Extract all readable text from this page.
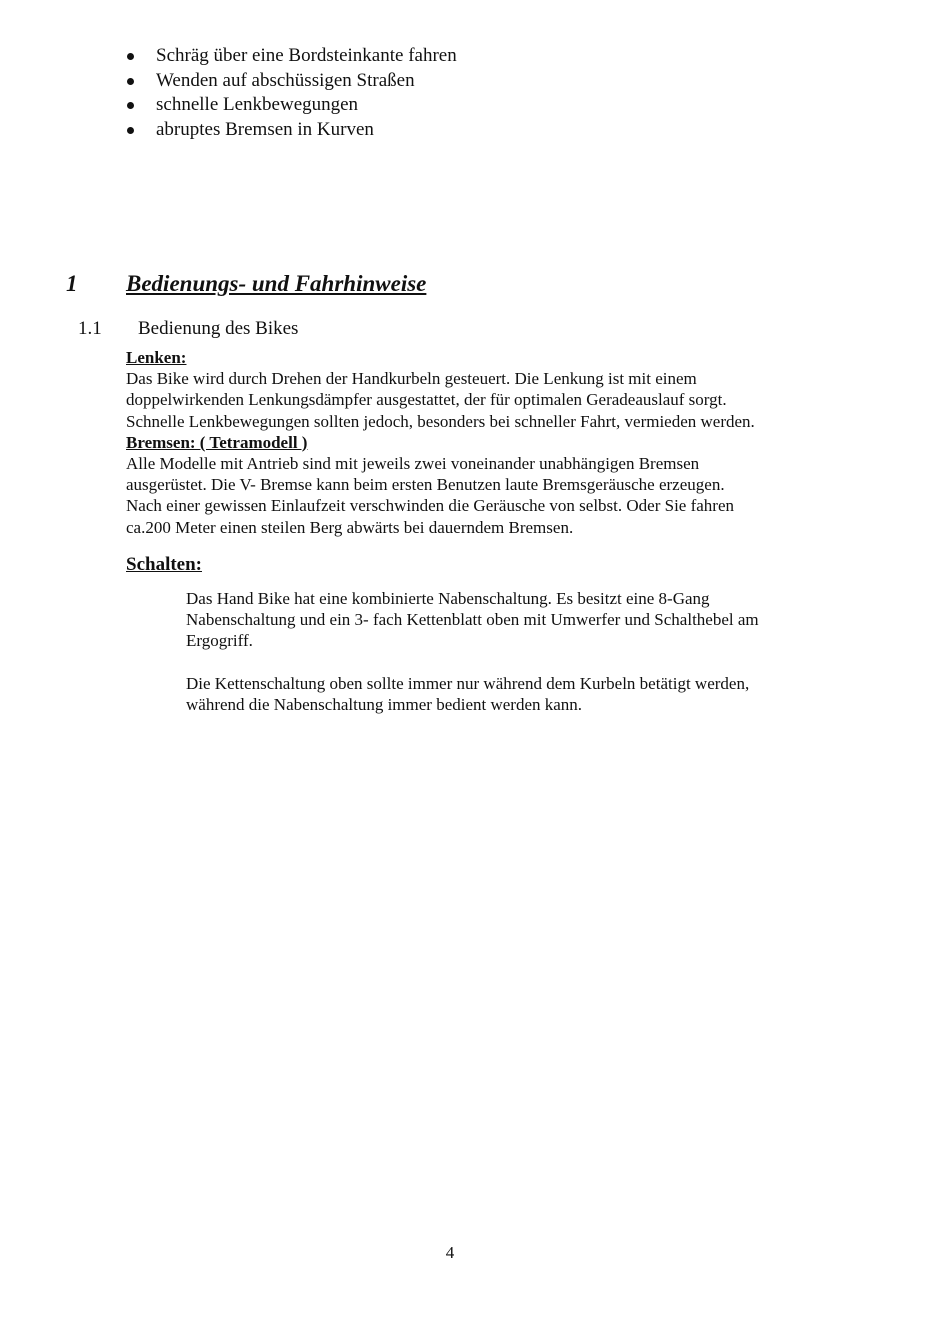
Schräg über eine Bordsteinkante fahren
Wenden auf abschüssigen Straßen
schnelle Lenkbewegungen
abruptes Bremsen in Kurven
1 Bedienungs- und Fahrhinweise
1.1 Bedienung des Bikes
Lenken:
Das Bike wird durch Drehen der Handkurbeln gesteuert. Die Lenkung ist mit einem
doppelwirkenden Lenkungsdämpfer ausgestattet, der für optimalen Geradeauslauf sorgt.
Schnelle Lenkbewegungen sollten jedoch, besonders bei schneller Fahrt, vermieden werden.
Bremsen: ( Tetramodell )
Alle Modelle mit Antrieb sind mit jeweils zwei voneinander unabhängigen Bremsen
ausgerüstet. Die V- Bremse kann beim ersten Benutzen laute Bremsgeräusche erzeugen.
Nach einer gewissen Einlaufzeit verschwinden die Geräusche von selbst. Oder Sie fahren
ca.200 Meter einen steilen Berg abwärts bei dauerndem Bremsen.
Schalten:
Das Hand Bike hat eine kombinierte Nabenschaltung. Es besitzt eine 8-Gang
Nabenschaltung und ein 3- fach Kettenblatt oben mit Umwerfer und Schalthebel am
Ergogriff.
Die Kettenschaltung oben sollte immer nur während dem Kurbeln betätigt werden,
während die Nabenschaltung immer bedient werden kann.
4
